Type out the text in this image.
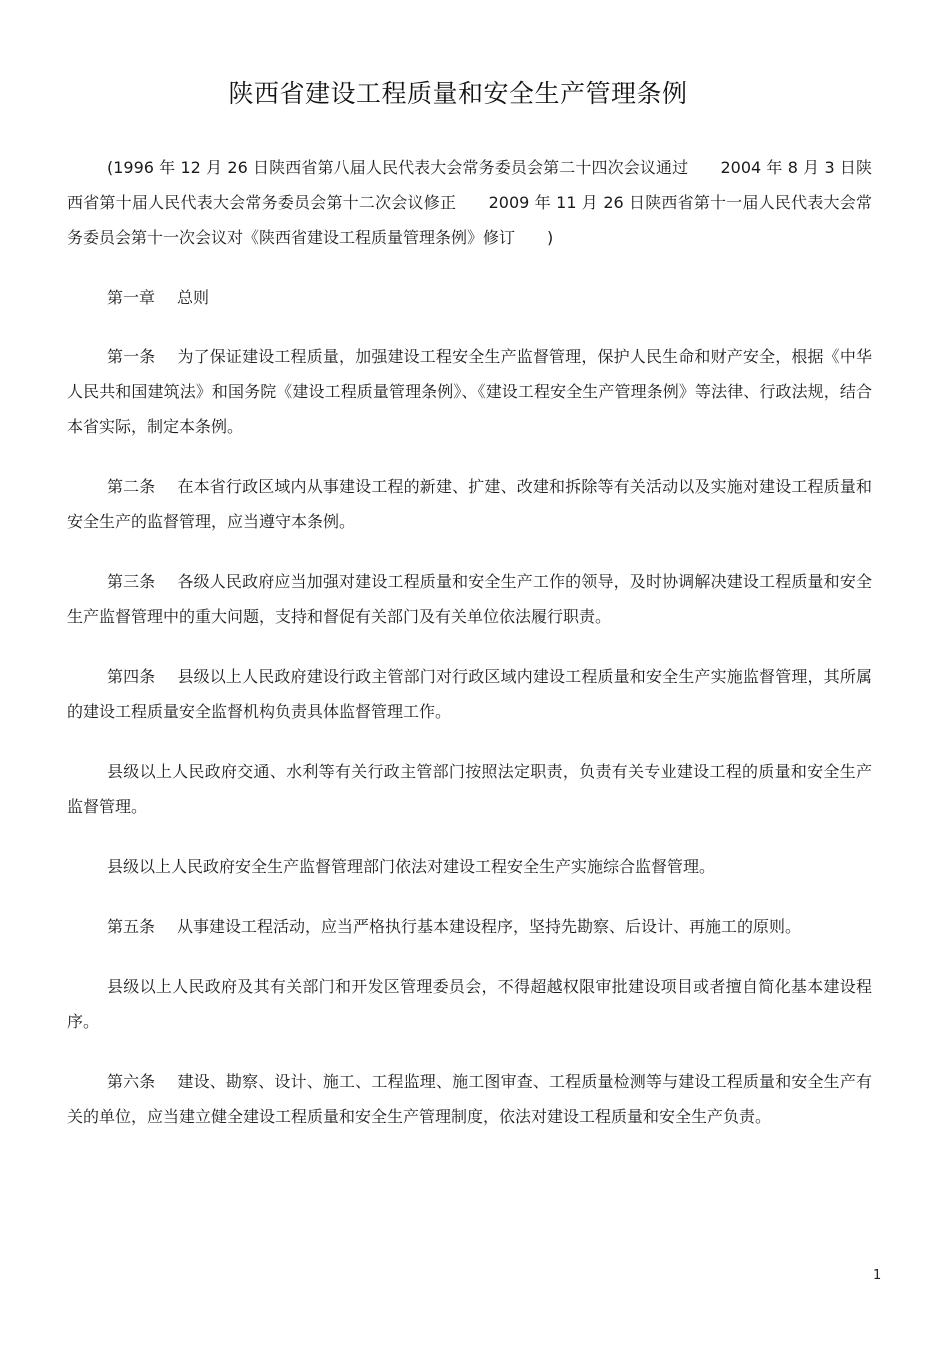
陕西省建设工程质量和安全生产管理条例

(1996 年 12 月 26 日陕西省第八届人民代表大会常务委员会第二十四次会议通过　　2004 年 8 月 3 日陕西省第十届人民代表大会常务委员会第十二次会议修正　　2009 年 11 月 26 日陕西省第十一届人民代表大会常务委员会第十一次会议对《陕西省建设工程质量管理条例》修订　　)

第一章 总则

第一条 为了保证建设工程质量，加强建设工程安全生产监督管理，保护人民生命和财产安全，根据《中华人民共和国建筑法》和国务院《建设工程质量管理条例》、《建设工程安全生产管理条例》等法律、行政法规，结合本省实际，制定本条例。

第二条 在本省行政区域内从事建设工程的新建、扩建、改建和拆除等有关活动以及实施对建设工程质量和安全生产的监督管理，应当遵守本条例。

第三条 各级人民政府应当加强对建设工程质量和安全生产工作的领导，及时协调解决建设工程质量和安全生产监督管理中的重大问题，支持和督促有关部门及有关单位依法履行职责。

第四条 县级以上人民政府建设行政主管部门对行政区域内建设工程质量和安全生产实施监督管理，其所属的建设工程质量安全监督机构负责具体监督管理工作。

县级以上人民政府交通、水利等有关行政主管部门按照法定职责，负责有关专业建设工程的质量和安全生产监督管理。

县级以上人民政府安全生产监督管理部门依法对建设工程安全生产实施综合监督管理。

第五条 从事建设工程活动，应当严格执行基本建设程序，坚持先勘察、后设计、再施工的原则。

县级以上人民政府及其有关部门和开发区管理委员会，不得超越权限审批建设项目或者擅自简化基本建设程序。

第六条 建设、勘察、设计、施工、工程监理、施工图审查、工程质量检测等与建设工程质量和安全生产有关的单位，应当建立健全建设工程质量和安全生产管理制度，依法对建设工程质量和安全生产负责。

1
